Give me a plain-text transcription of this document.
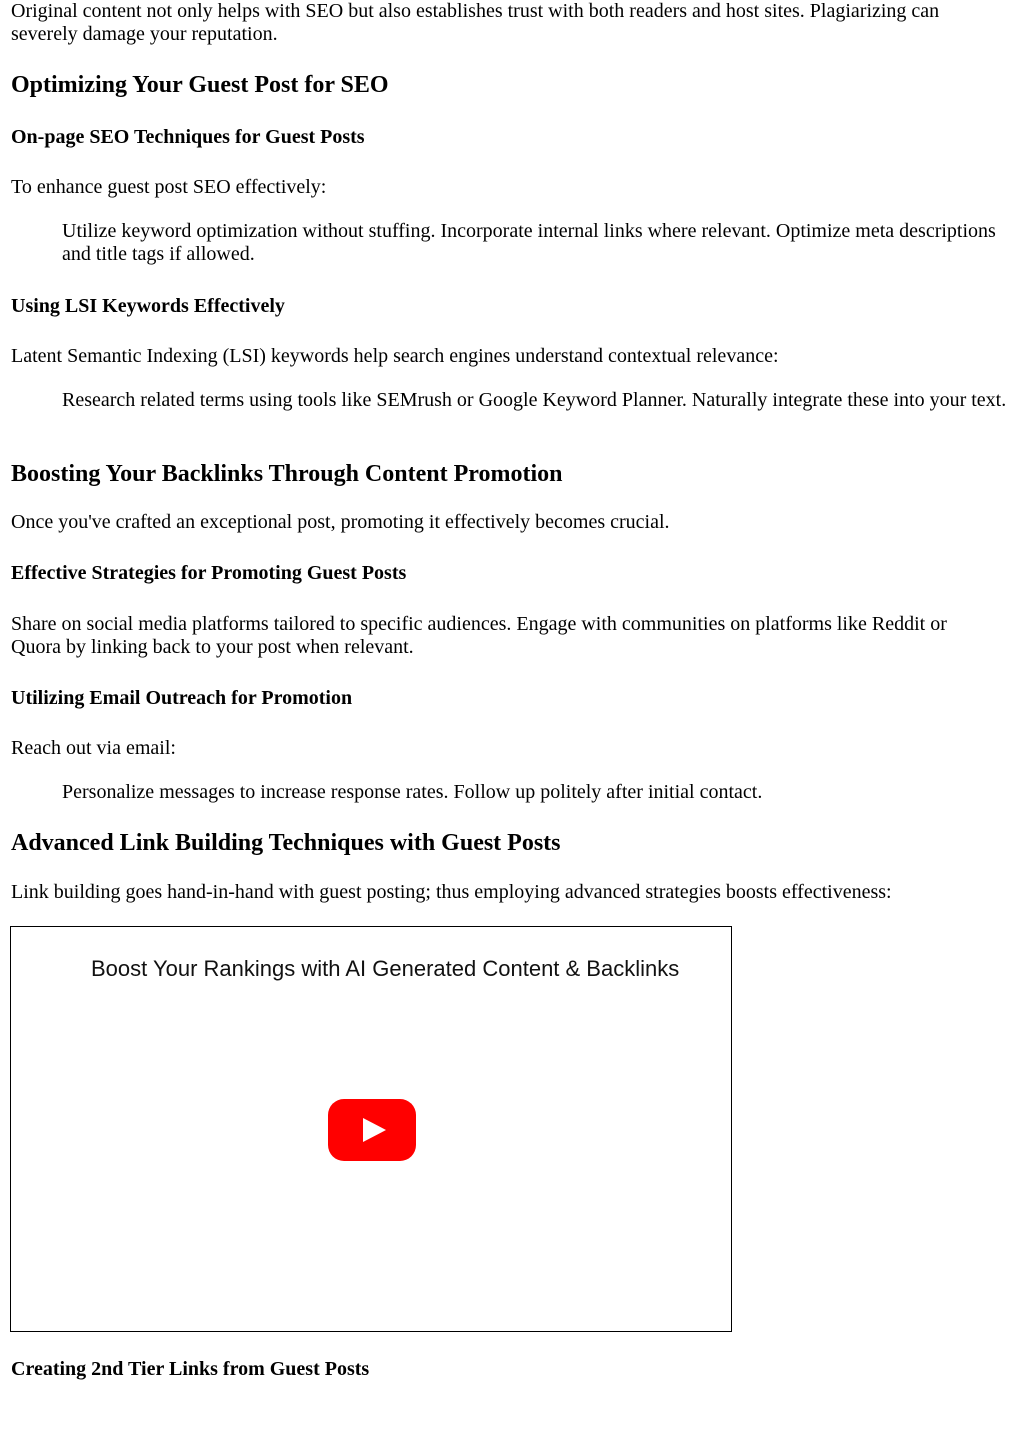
Original content not only helps with SEO but also establishes trust with both readers and host sites. Plagiarizing can severely damage your reputation.

Optimizing Your Guest Post for SEO
On-page SEO Techniques for Guest Posts

To enhance guest post SEO effectively:

Utilize keyword optimization without stuffing. Incorporate internal links where relevant. Optimize meta descriptions and title tags if allowed.
Using LSI Keywords Effectively

Latent Semantic Indexing (LSI) keywords help search engines understand contextual relevance:

Research related terms using tools like SEMrush or Google Keyword Planner. Naturally integrate these into your text.
Boosting Your Backlinks Through Content Promotion

Once you've crafted an exceptional post, promoting it effectively becomes crucial.

Effective Strategies for Promoting Guest Posts

Share on social media platforms tailored to specific audiences. Engage with communities on platforms like Reddit or Quora by linking back to your post when relevant.

Utilizing Email Outreach for Promotion

Reach out via email:

Personalize messages to increase response rates. Follow up politely after initial contact.
Advanced Link Building Techniques with Guest Posts

Link building goes hand-in-hand with guest posting; thus employing advanced strategies boosts effectiveness:

Boost Your Rankings with AI Generated Content & Backlinks
Creating 2nd Tier Links from Guest Posts
